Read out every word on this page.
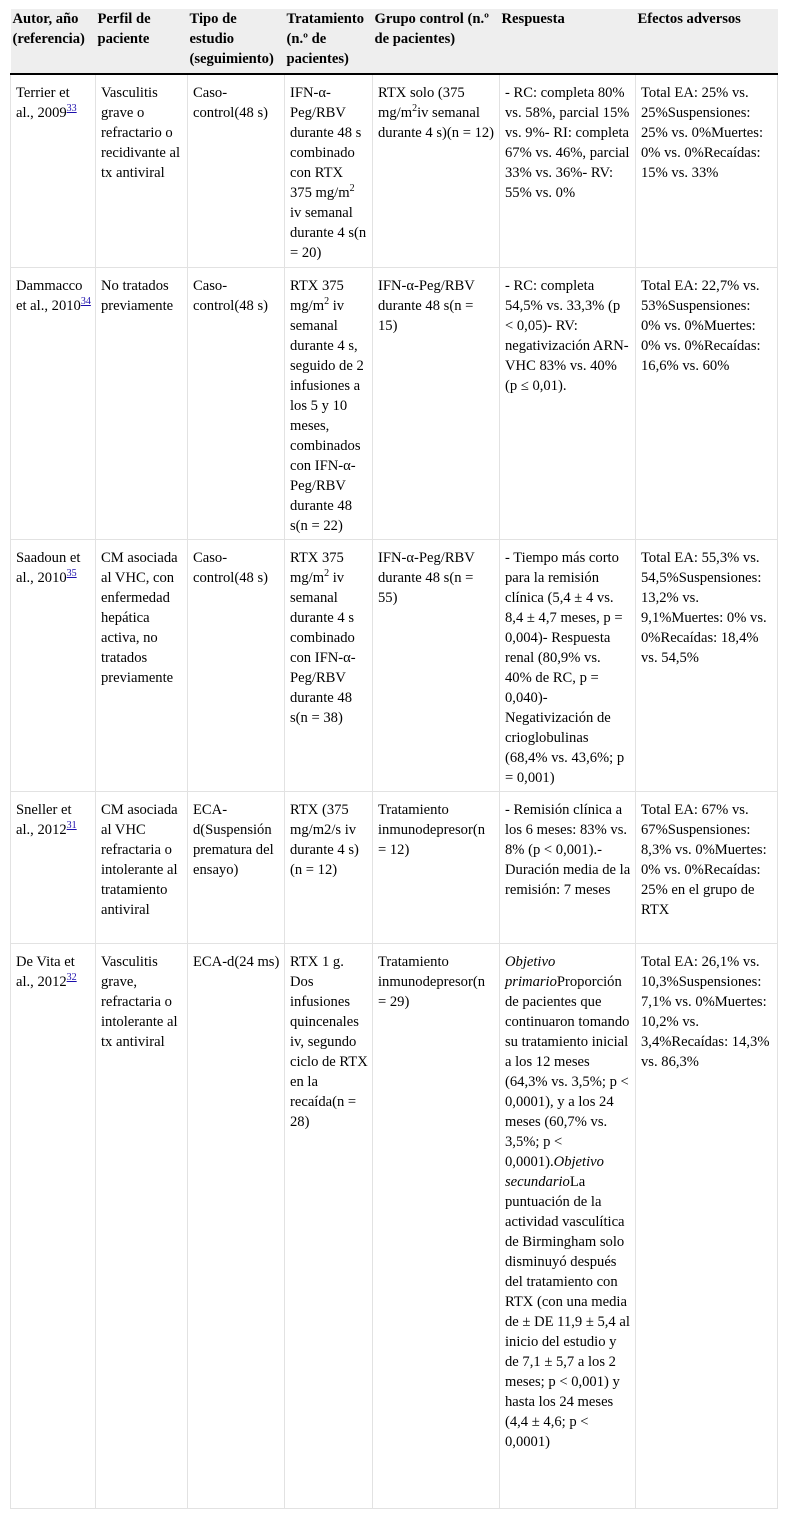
Autor, año (referencia)	Perfil de paciente	Tipo de estudio (seguimiento)	Tratamiento (n.º de pacientes)	Grupo control (n.º de pacientes)	Respuesta	Efectos adversos
Terrier et al., 2009$^{33}$	Vasculitis grave o refractario o recidivante al tx antiviral	Caso-control(48 s)	IFN-α-Peg/RBV durante 48 s combinado con RTX 375 $mg/m^2$ iv semanal durante 4 s(n = 20)	RTX solo (375 $mg/m^2iv$ semanal durante 4 s)(n = 12)	- RC: completa 80% vs. 58%, parcial 15% vs. 9%- RI: completa 67% vs. 46%, parcial 33% vs. 36%- RV: 55% vs. 0%	Total EA: 25% vs. 25%Suspensiones: 25% vs. 0%Muertes: 0% vs. 0%Recaídas: 15% vs. 33%
Dammacco et al., 2010$^{34}$	No tratados previamente	Caso-control(48 s)	RTX 375 $mg/m^2$ iv semanal durante 4 s, seguido de 2 infusiones a los 5 y 10 meses, combinados con IFN-α-Peg/RBV durante 48 s(n = 22)	IFN-α-Peg/RBV durante 48 s(n = 15)	- RC: completa 54,5% vs. 33,3% (p < 0,05)- RV: negativización ARN-VHC 83% vs. 40% (p ≤ 0,01).	Total EA: 22,7% vs. 53%Suspensiones: 0% vs. 0%Muertes: 0% vs. 0%Recaídas: 16,6% vs. 60%
Saadoun et al., 2010$^{35}$	CM asociada al VHC, con enfermedad hepática activa, no tratados previamente	Caso-control(48 s)	RTX 375 $mg/m^2$ iv semanal durante 4 s combinado con IFN-α-Peg/RBV durante 48 s(n = 38)	IFN-α-Peg/RBV durante 48 s(n = 55)	- Tiempo más corto para la remisión clínica (5,4 ± 4 vs. 8,4 ± 4,7 meses, p = 0,004)- Respuesta renal (80,9% vs. 40% de RC, p = 0,040)- Negativización de crioglobulinas (68,4% vs. 43,6%; p = 0,001)	Total EA: 55,3% vs. 54,5%Suspensiones: 13,2% vs. 9,1%Muertes: 0% vs. 0%Recaídas: 18,4% vs. 54,5%
Sneller et al., 2012$^{31}$	CM asociada al VHC refractaria o intolerante al tratamiento antiviral	ECA-d(Suspensión prematura del ensayo)	RTX (375 mg/m2/s iv durante 4 s)(n = 12)	Tratamiento inmunodepresor(n = 12)	- Remisión clínica a los 6 meses: 83% vs. 8% (p < 0,001).- Duración media de la remisión: 7 meses	Total EA: 67% vs. 67%Suspensiones: 8,3% vs. 0%Muertes: 0% vs. 0%Recaídas: 25% en el grupo de RTX
De Vita et al., 2012$^{32}$	Vasculitis grave, refractaria o intolerante al tx antiviral	ECA-d(24 ms)	RTX 1 g. Dos infusiones quincenales iv, segundo ciclo de RTX en la recaída(n = 28)	Tratamiento inmunodepresor(n = 29)	Objetivo primarioProporción de pacientes que continuaron tomando su tratamiento inicial a los 12 meses (64,3% vs. 3,5%; p < 0,0001), y a los 24 meses (60,7% vs. 3,5%; p < 0,0001).Objetivo secundarioLa puntuación de la actividad vasculítica de Birmingham solo disminuyó después del tratamiento con RTX (con una media de ± DE 11,9 ± 5,4 al inicio del estudio y de 7,1 ± 5,7 a los 2 meses; p < 0,001) y hasta los 24 meses (4,4 ± 4,6; p < 0,0001)	Total EA: 26,1% vs. 10,3%Suspensiones: 7,1% vs. 0%Muertes: 10,2% vs. 3,4%Recaídas: 14,3% vs. 86,3%
